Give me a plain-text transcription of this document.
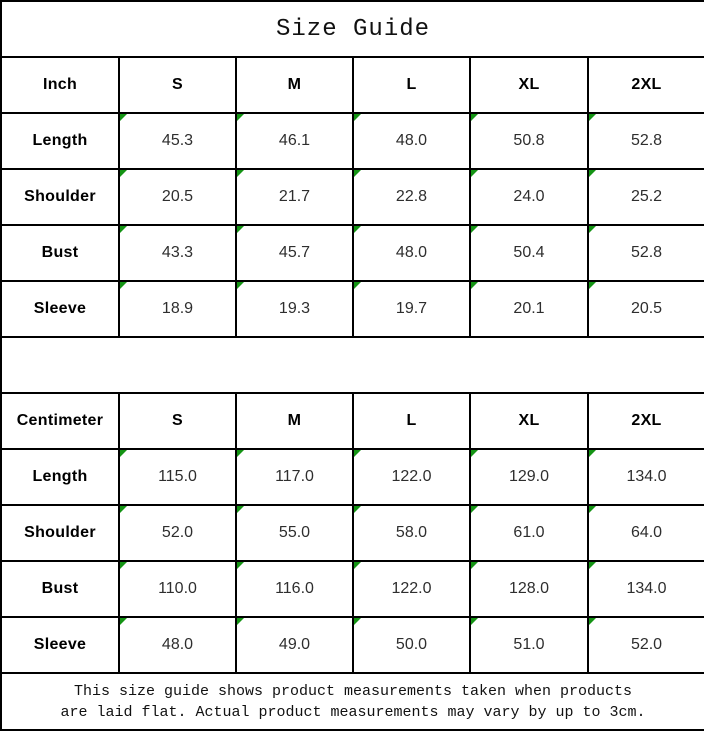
Size Guide					
Inch	S	M	L	XL	2XL
Length	45.3	46.1	48.0	50.8	52.8
Shoulder	20.5	21.7	22.8	24.0	25.2
Bust	43.3	45.7	48.0	50.4	52.8
Sleeve	18.9	19.3	19.7	20.1	20.5

Centimeter	S	M	L	XL	2XL
Length	115.0	117.0	122.0	129.0	134.0
Shoulder	52.0	55.0	58.0	61.0	64.0
Bust	110.0	116.0	122.0	128.0	134.0
Sleeve	48.0	49.0	50.0	51.0	52.0

This size guide shows product measurements taken when products
are laid flat. Actual product measurements may vary by up to 3cm.					
